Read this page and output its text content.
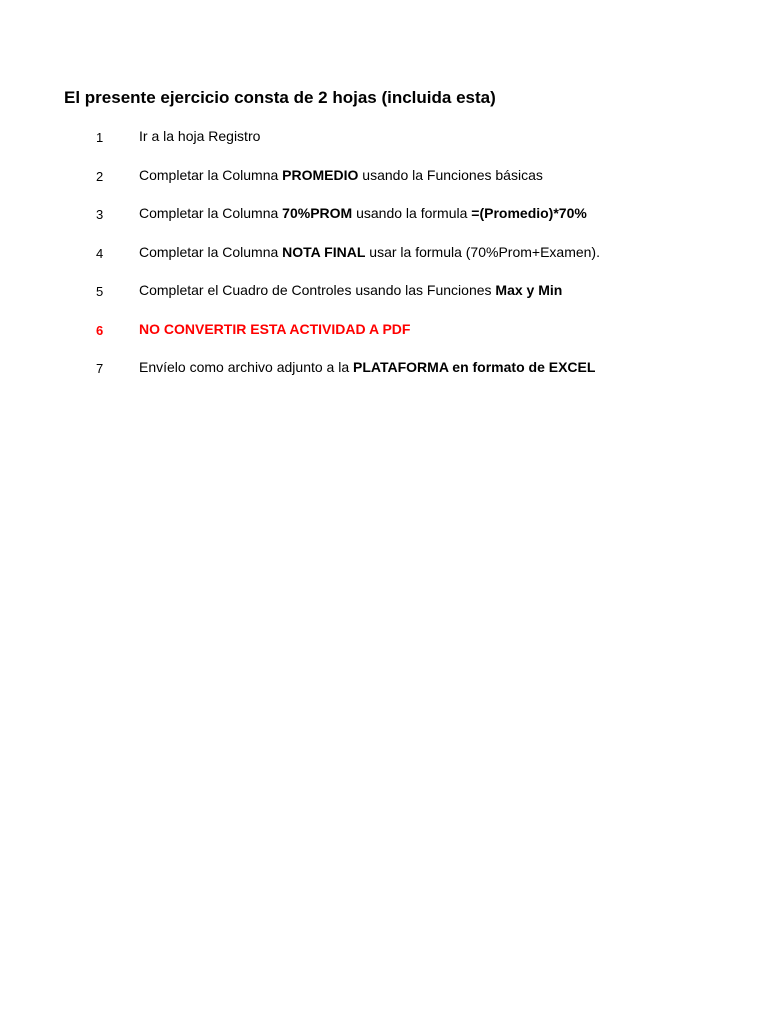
El presente ejercicio consta de 2 hojas (incluida esta)
1	Ir a la hoja Registro
2	Completar la Columna PROMEDIO usando la Funciones básicas
3	Completar la Columna 70%PROM usando la formula =(Promedio)*70%
4	Completar la Columna NOTA FINAL usar la formula (70%Prom+Examen).
5	Completar el Cuadro de Controles usando las Funciones Max y Min
6	NO CONVERTIR ESTA ACTIVIDAD A PDF
7	Envíelo como archivo adjunto a la PLATAFORMA en formato de EXCEL
